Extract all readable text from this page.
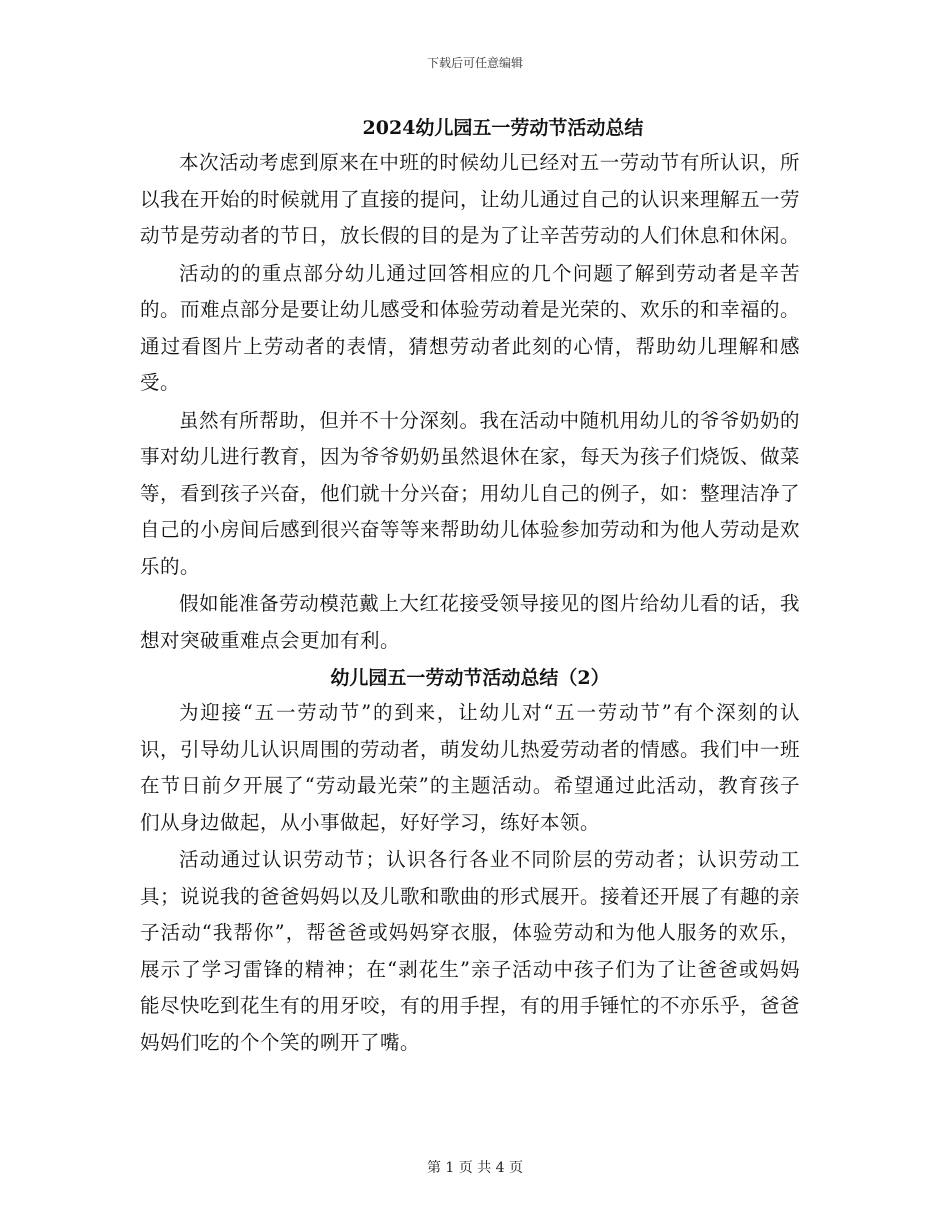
下载后可任意编辑
2024幼儿园五一劳动节活动总结

本次活动考虑到原来在中班的时候幼儿已经对五一劳动节有所认识，所以我在开始的时候就用了直接的提问，让幼儿通过自己的认识来理解五一劳动节是劳动者的节日，放长假的目的是为了让辛苦劳动的人们休息和休闲。

活动的的重点部分幼儿通过回答相应的几个问题了解到劳动者是辛苦的。而难点部分是要让幼儿感受和体验劳动着是光荣的、欢乐的和幸福的。通过看图片上劳动者的表情，猜想劳动者此刻的心情，帮助幼儿理解和感受。

虽然有所帮助，但并不十分深刻。我在活动中随机用幼儿的爷爷奶奶的事对幼儿进行教育，因为爷爷奶奶虽然退休在家，每天为孩子们烧饭、做菜等，看到孩子兴奋，他们就十分兴奋；用幼儿自己的例子，如：整理洁净了自己的小房间后感到很兴奋等等来帮助幼儿体验参加劳动和为他人劳动是欢乐的。

假如能准备劳动模范戴上大红花接受领导接见的图片给幼儿看的话，我想对突破重难点会更加有利。

幼儿园五一劳动节活动总结（2）

为迎接“五一劳动节”的到来，让幼儿对“五一劳动节”有个深刻的认识，引导幼儿认识周围的劳动者，萌发幼儿热爱劳动者的情感。我们中一班在节日前夕开展了“劳动最光荣”的主题活动。希望通过此活动，教育孩子们从身边做起，从小事做起，好好学习，练好本领。

活动通过认识劳动节；认识各行各业不同阶层的劳动者；认识劳动工具；说说我的爸爸妈妈以及儿歌和歌曲的形式展开。接着还开展了有趣的亲子活动“我帮你”，帮爸爸或妈妈穿衣服，体验劳动和为他人服务的欢乐，展示了学习雷锋的精神；在“剥花生”亲子活动中孩子们为了让爸爸或妈妈能尽快吃到花生有的用牙咬，有的用手捏，有的用手锤忙的不亦乐乎，爸爸妈妈们吃的个个笑的咧开了嘴。

第 1 页 共 4 页
